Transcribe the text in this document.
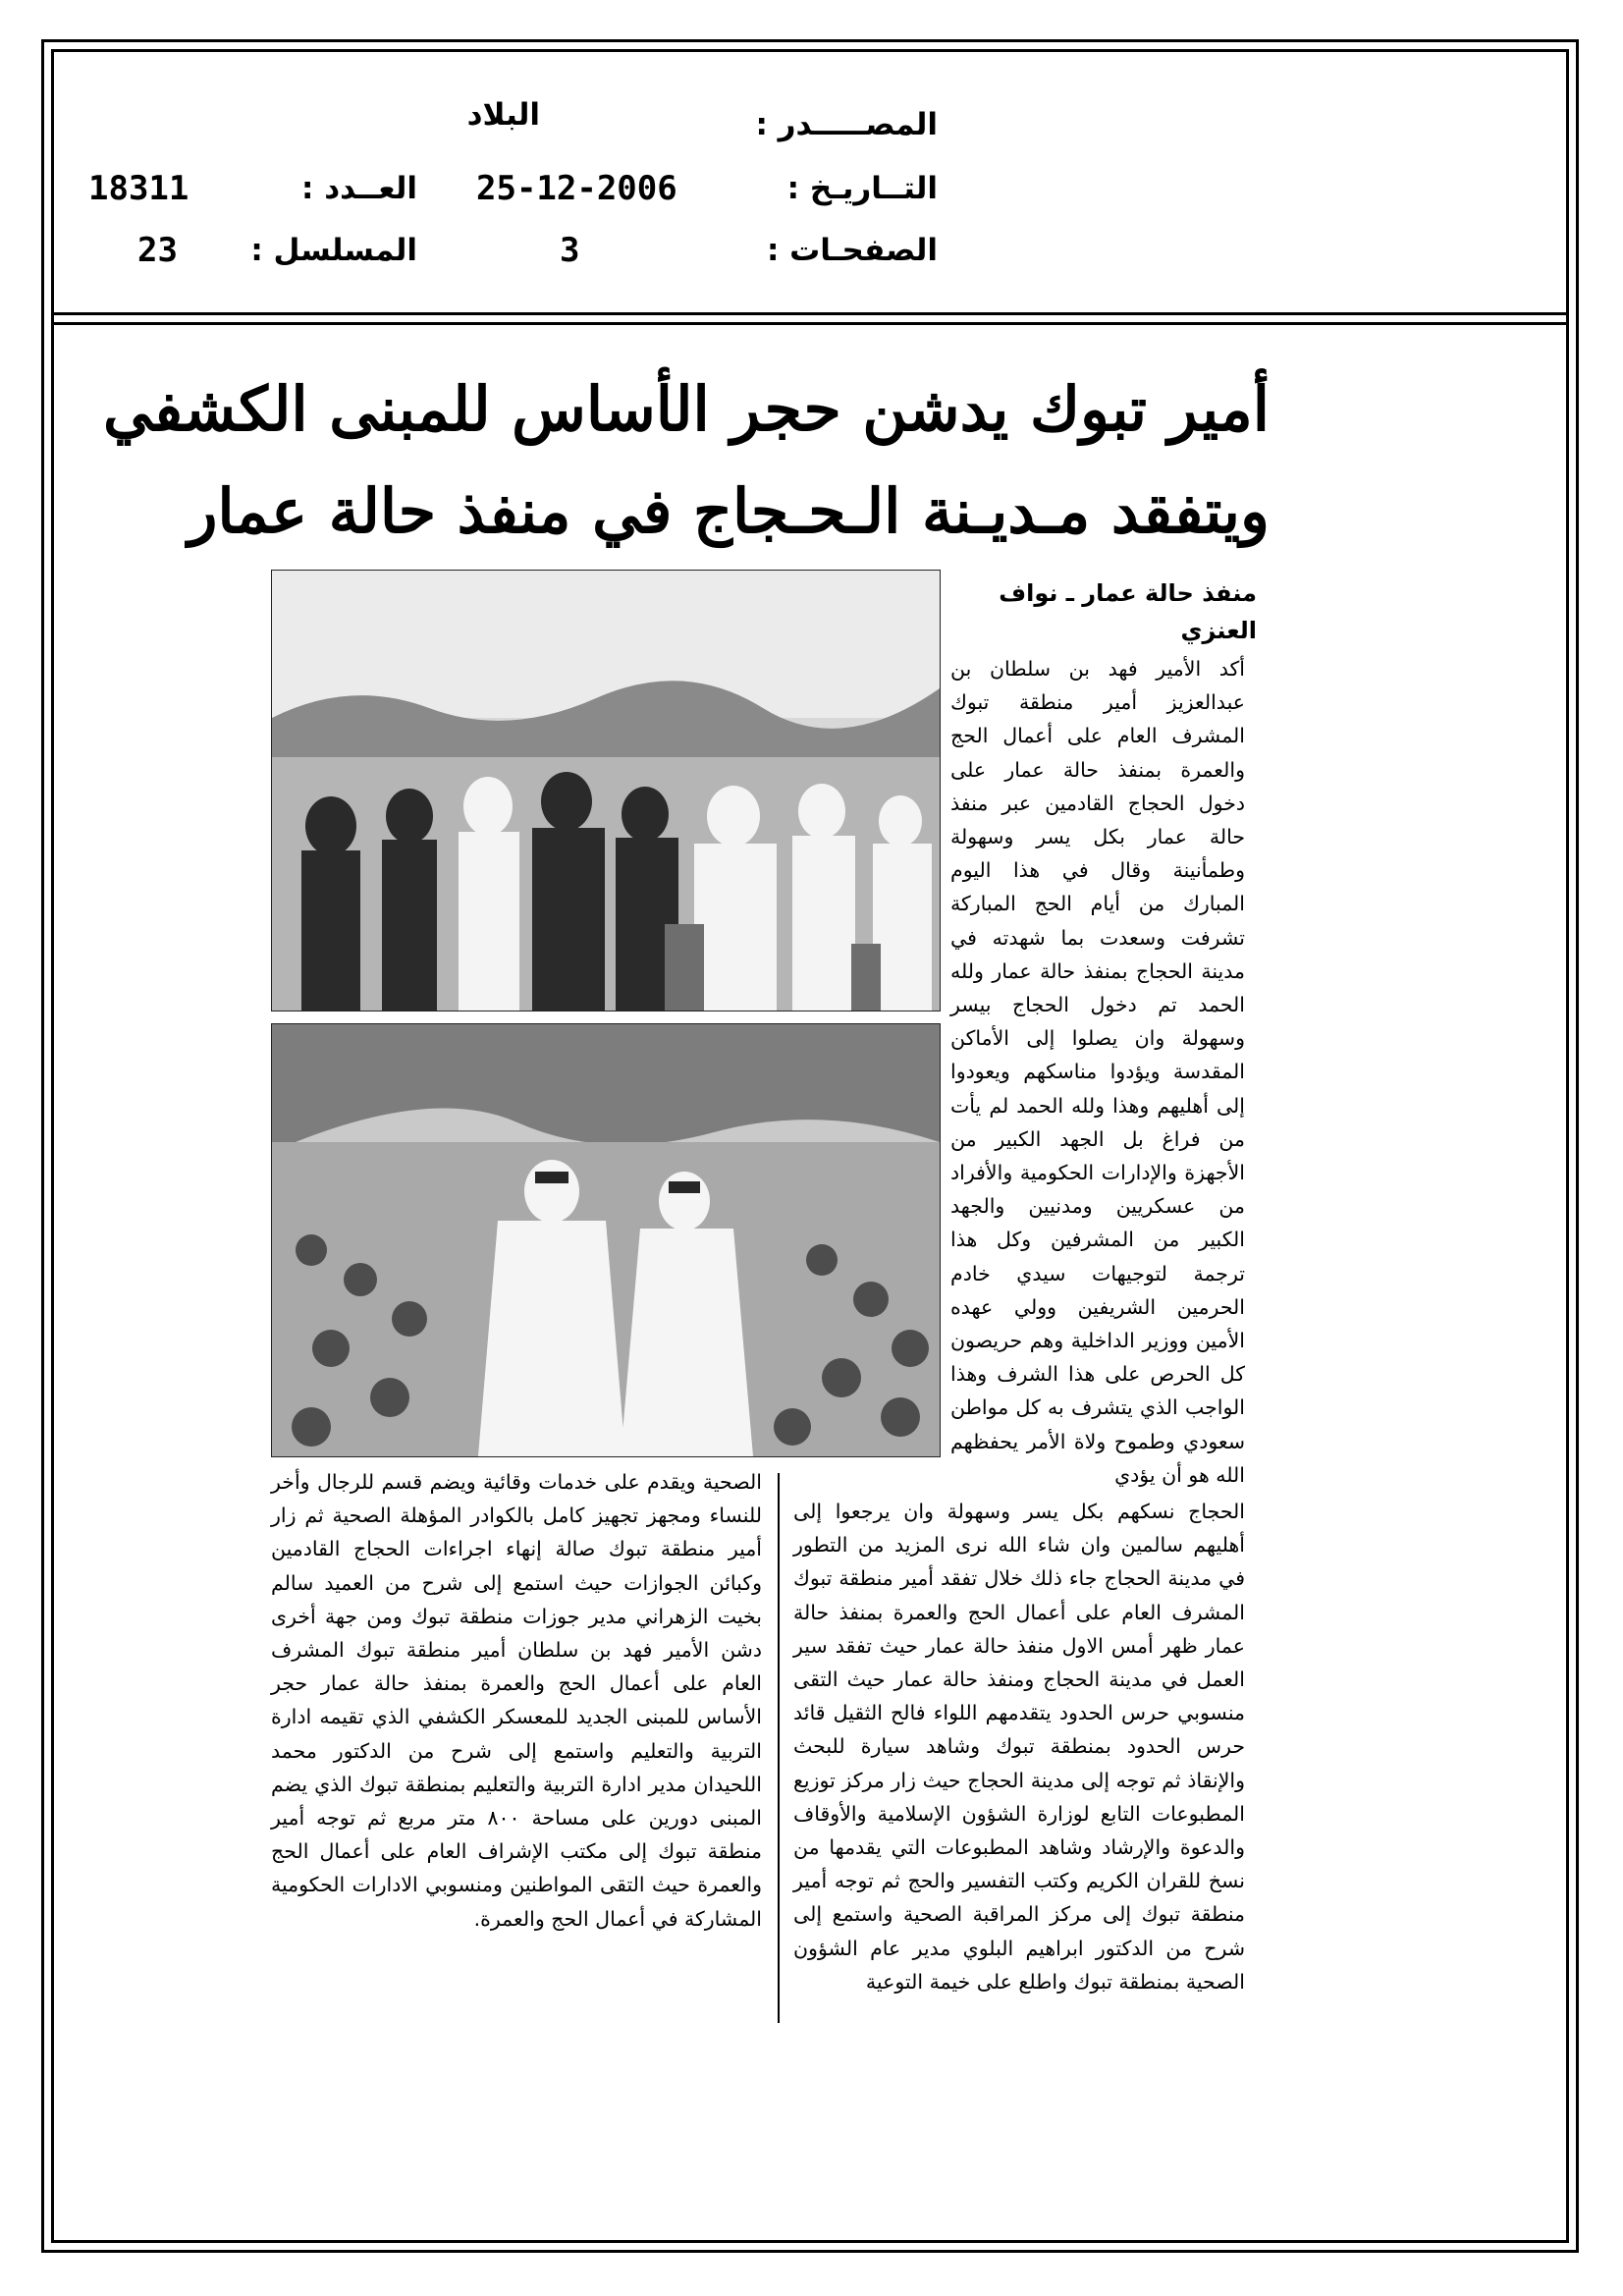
المصـــــدر :
البلاد
التــاريـخ :
25-12-2006
الصفحـات :
3
العــدد :
18311
المسلسل :
23
أمير تبوك يدشن حجر الأساس للمبنى الكشفي
ويتفقد مـديـنة الـحـجاج في منفذ حالة عمار
منفذ حالة عمار ـ نواف
العنزي
أكد الأمير فهد بن سلطان بن عبدالعزيز أمير منطقة تبوك المشرف العام على أعمال الحج والعمرة بمنفذ حالة عمار على دخول الحجاج القادمين عبر منفذ حالة عمار بكل يسر وسهولة وطمأنينة وقال في هذا اليوم المبارك من أيام الحج المباركة تشرفت وسعدت بما شهدته في مدينة الحجاج بمنفذ حالة عمار ولله الحمد تم دخول الحجاج بيسر وسهولة وان يصلوا إلى الأماكن المقدسة ويؤدوا مناسكهم ويعودوا إلى أهليهم وهذا ولله الحمد لم يأت من فراغ بل الجهد الكبير من الأجهزة والإدارات الحكومية والأفراد من عسكريين ومدنيين والجهد الكبير من المشرفين وكل هذا ترجمة لتوجيهات سيدي خادم الحرمين الشريفين وولي عهده الأمين ووزير الداخلية وهم حريصون كل الحرص على هذا الشرف وهذا الواجب الذي يتشرف به كل مواطن سعودي وطموح ولاة الأمر يحفظهم الله هو أن يؤدي
الحجاج نسكهم بكل يسر وسهولة وان يرجعوا إلى أهليهم سالمين وان شاء الله نرى المزيد من التطور في مدينة الحجاج جاء ذلك خلال تفقد أمير منطقة تبوك المشرف العام على أعمال الحج والعمرة بمنفذ حالة عمار ظهر أمس الاول منفذ حالة عمار حيث تفقد سير العمل في مدينة الحجاج ومنفذ حالة عمار حيث التقى منسوبي حرس الحدود يتقدمهم اللواء فالح الثقيل قائد حرس الحدود بمنطقة تبوك وشاهد سيارة للبحث والإنقاذ ثم توجه إلى مدينة الحجاج حيث زار مركز توزيع المطبوعات التابع لوزارة الشؤون الإسلامية والأوقاف والدعوة والإرشاد وشاهد المطبوعات التي يقدمها من نسخ للقران الكريم وكتب التفسير والحج ثم توجه أمير منطقة تبوك إلى مركز المراقبة الصحية واستمع إلى شرح من الدكتور ابراهيم البلوي مدير عام الشؤون الصحية بمنطقة تبوك واطلع على خيمة التوعية
الصحية ويقدم على خدمات وقائية ويضم قسم للرجال وأخر للنساء ومجهز تجهيز كامل بالكوادر المؤهلة الصحية ثم زار أمير منطقة تبوك صالة إنهاء اجراءات الحجاج القادمين وكبائن الجوازات حيث استمع إلى شرح من العميد سالم بخيت الزهراني مدير جوزات منطقة تبوك ومن جهة أخرى دشن الأمير فهد بن سلطان أمير منطقة تبوك المشرف العام على أعمال الحج والعمرة بمنفذ حالة عمار حجر الأساس للمبنى الجديد للمعسكر الكشفي الذي تقيمه ادارة التربية والتعليم واستمع إلى شرح من الدكتور محمد اللحيدان مدير ادارة التربية والتعليم بمنطقة تبوك الذي يضم المبنى دورين على مساحة ٨٠٠ متر مربع ثم توجه أمير منطقة تبوك إلى مكتب الإشراف العام على أعمال الحج والعمرة حيث التقى المواطنين ومنسوبي الادارات الحكومية المشاركة في أعمال الحج والعمرة.
